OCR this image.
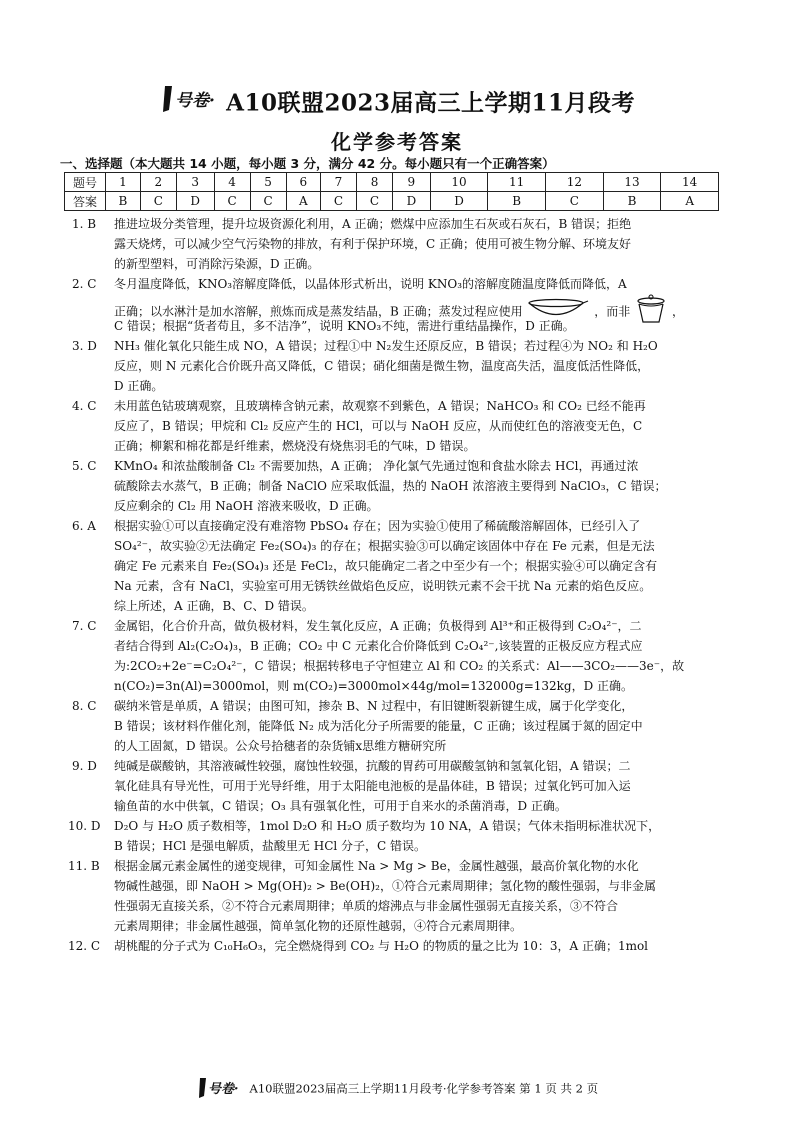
号卷· A10联盟2023届高三上学期11月段考
化学参考答案
一、选择题（本大题共 14 小题，每小题 3 分，满分 42 分。每小题只有一个正确答案）
题号	1	2	3	4	5	6	7	8	9	10	11	12	13	14
答案	B	C	D	C	C	A	C	C	D	D	B	C	B	A
1. B 推进垃圾分类管理，提升垃圾资源化利用，A 正确；燃煤中应添加生石灰或石灰石，B 错误；拒绝

露天烧烤，可以减少空气污染物的排放，有利于保护环境，C 正确；使用可被生物分解、环境友好

的新型塑料，可消除污染源，D 正确。

2. C 冬月温度降低，KNO₃溶解度降低，以晶体形式析出，说明 KNO₃的溶解度随温度降低而降低，A

正确；以水淋汁是加水溶解，煎炼而成是蒸发结晶，B 正确；蒸发过程应使用	，而非	，

C 错误；根据“货者苟且，多不洁净”，说明 KNO₃不纯，需进行重结晶操作，D 正确。

3. D NH₃ 催化氧化只能生成 NO，A 错误；过程①中 N₂发生还原反应，B 错误；若过程④为 NO₂ 和 H₂O

反应，则 N 元素化合价既升高又降低，C 错误；硝化细菌是微生物，温度高失活，温度低活性降低，

D 正确。

4. C 未用蓝色钴玻璃观察，且玻璃棒含钠元素，故观察不到紫色，A 错误；NaHCO₃ 和 CO₂ 已经不能再

反应了，B 错误；甲烷和 Cl₂ 反应产生的 HCl，可以与 NaOH 反应，从而使红色的溶液变无色，C

正确；柳絮和棉花都是纤维素，燃烧没有烧焦羽毛的气味，D 错误。

5. C KMnO₄ 和浓盐酸制备 Cl₂ 不需要加热，A 正确； 净化氯气先通过饱和食盐水除去 HCl，再通过浓

硫酸除去水蒸气，B 正确；制备 NaClO 应采取低温，热的 NaOH 浓溶液主要得到 NaClO₃，C 错误；

反应剩余的 Cl₂ 用 NaOH 溶液来吸收，D 正确。

6. A 根据实验①可以直接确定没有难溶物 PbSO₄ 存在；因为实验①使用了稀硫酸溶解固体，已经引入了

SO₄²⁻，故实验②无法确定 Fe₂(SO₄)₃ 的存在；根据实验③可以确定该固体中存在 Fe 元素，但是无法

确定 Fe 元素来自 Fe₂(SO₄)₃ 还是 FeCl₂，故只能确定二者之中至少有一个；根据实验④可以确定含有

Na 元素，含有 NaCl，实验室可用无锈铁丝做焰色反应，说明铁元素不会干扰 Na 元素的焰色反应。

综上所述，A 正确，B、C、D 错误。

7. C 金属铝，化合价升高，做负极材料，发生氧化反应，A 正确；负极得到 Al³⁺和正极得到 C₂O₄²⁻，二

者结合得到 Al₂(C₂O₄)₃，B 正确；CO₂ 中 C 元素化合价降低到 C₂O₄²⁻,该装置的正极反应方程式应

为:2CO₂+2e⁻=C₂O₄²⁻，C 错误；根据转移电子守恒建立 Al 和 CO₂ 的关系式：Al——3CO₂——3e⁻，故

n(CO₂)=3n(Al)=3000mol，则 m(CO₂)=3000mol×44g/mol=132000g=132kg，D 正确。

8. C 碳纳米管是单质，A 错误；由图可知，掺杂 B、N 过程中，有旧键断裂新键生成，属于化学变化，

B 错误；该材料作催化剂，能降低 N₂ 成为活化分子所需要的能量，C 正确；该过程属于氮的固定中

的人工固氮，D 错误。公众号拾穗者的杂货铺x思维方糖研究所

9. D 纯碱是碳酸钠，其溶液碱性较强，腐蚀性较强，抗酸的胃药可用碳酸氢钠和氢氧化铝，A 错误；二

氧化硅具有导光性，可用于光导纤维，用于太阳能电池板的是晶体硅，B 错误；过氧化钙可加入运

输鱼苗的水中供氧，C 错误；O₃ 具有强氧化性，可用于自来水的杀菌消毒，D 正确。

10. D D₂O 与 H₂O 质子数相等，1mol D₂O 和 H₂O 质子数均为 10 NA，A 错误；气体未指明标准状况下，

B 错误；HCl 是强电解质，盐酸里无 HCl 分子，C 错误。

11. B 根据金属元素金属性的递变规律，可知金属性 Na > Mg > Be，金属性越强，最高价氧化物的水化

物碱性越强，即 NaOH > Mg(OH)₂ > Be(OH)₂，①符合元素周期律；氢化物的酸性强弱，与非金属

性强弱无直接关系，②不符合元素周期律；单质的熔沸点与非金属性强弱无直接关系，③不符合

元素周期律；非金属性越强，简单氢化物的还原性越弱，④符合元素周期律。

12. C 胡桃醌的分子式为 C₁₀H₆O₃，完全燃烧得到 CO₂ 与 H₂O 的物质的量之比为 10：3，A 正确；1mol

号卷· A10联盟2023届高三上学期11月段考·化学参考答案 第 1 页 共 2 页
